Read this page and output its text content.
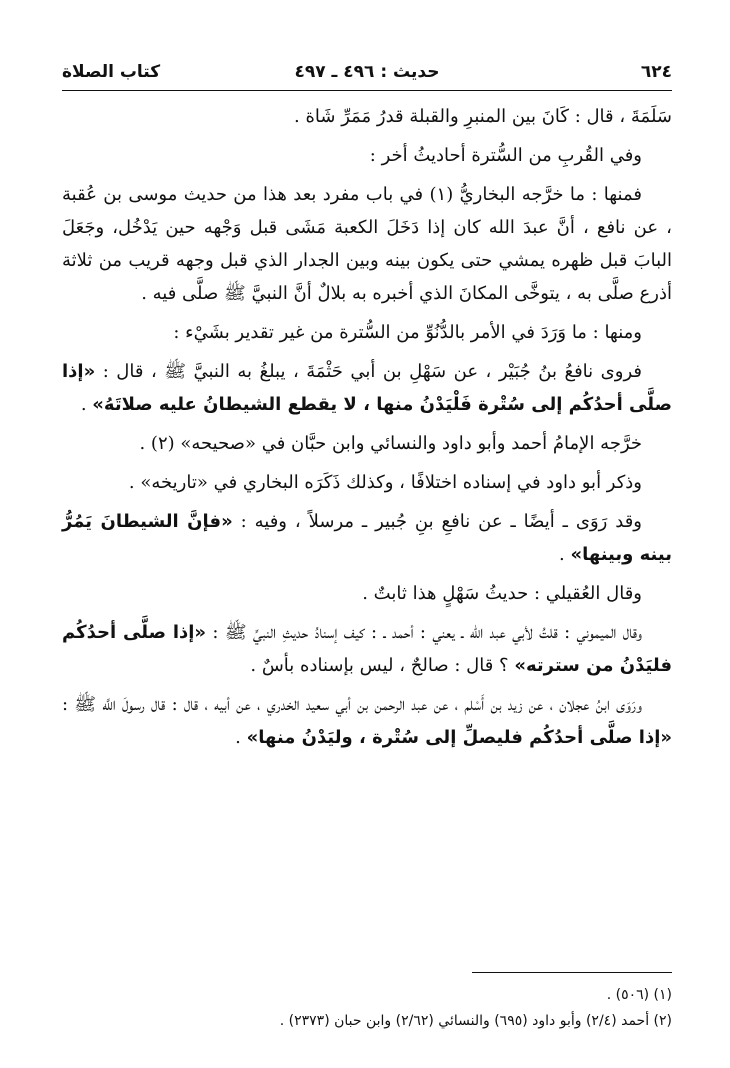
٦٢٤
حديث : ٤٩٦ ـ ٤٩٧
كتاب الصلاة

سَلَمَةَ ، قال : كَانَ بين المنبرِ والقبلة قدرُ مَمَرِّ شَاة .

وفي القُربِ من السُّترة أحاديثُ أخر :

فمنها : ما خرَّجه البخاريُّ (١) في باب مفرد بعد هذا من حديث موسى بن عُقبة ، عن نافع ، أنَّ عبدَ الله كان إذا دَخَلَ الكعبة مَشَى قبل وَجْهه حين يَدْخُل، وجَعَلَ البابَ قبل ظهره يمشي حتى يكون بينه وبين الجدار الذي قبل وجهه قريب من ثلاثة أذرع صلَّى به ، يتوخَّى المكانَ الذي أخبره به بلالٌ أنَّ النبيَّ ﷺ صلَّى فيه .

ومنها : ما وَرَدَ في الأمر بالدُّنُوِّ من السُّترة من غير تقدير بشَيْء :

فروى نافعُ بنُ جُبَيْر ، عن سَهْلِ بن أبي حَثْمَةَ ، يبلغُ به النبيَّ ﷺ ، قال : «إذا صلَّى أحدُكُم إلى سُتْرة فَلْيَدْنُ منها ، لا يقطع الشيطانُ عليه صلاتَهُ» .

خرَّجه الإمامُ أحمد وأبو داود والنسائي وابن حبَّان في «صحيحه» (٢) .

وذكر أبو داود في إسناده اختلافًا ، وكذلك ذَكَرَه البخاري في «تاريخه» .

وقد رَوَى ـ أيضًا ـ عن نافعِ بنِ جُبير ـ مرسلاً ، وفيه : «فإنَّ الشيطانَ يَمُرُّ بينه وبينها» .

وقال العُقيلي : حديثُ سَهْلٍ هذا ثابتٌ .

وقال الميموني : قلتُ لأبي عبد الله ـ يعني : أحمد ـ : كيف إسنادُ حديثِ النبيِّ ﷺ : «إذا صلَّى أحدُكُم فليَدْنُ من سترته» ؟ قال : صالحٌ ، ليس بإسناده بأسٌ .

ورَوَى ابنُ عجلان ، عن زيد بن أَسْلم ، عن عبد الرحمن بن أبي سعيد الخدري ، عن أبيه ، قال : قال رسولَ اللَّه ﷺ : «إذا صلَّى أحدُكُم فليصلِّ إلى سُتْرة ، وليَدْنُ منها» .

(١) (٥٠٦) .
(٢) أحمد (٢/٤) وأبو داود (٦٩٥) والنسائي (٢/٦٢) وابن حبان (٢٣٧٣) .
